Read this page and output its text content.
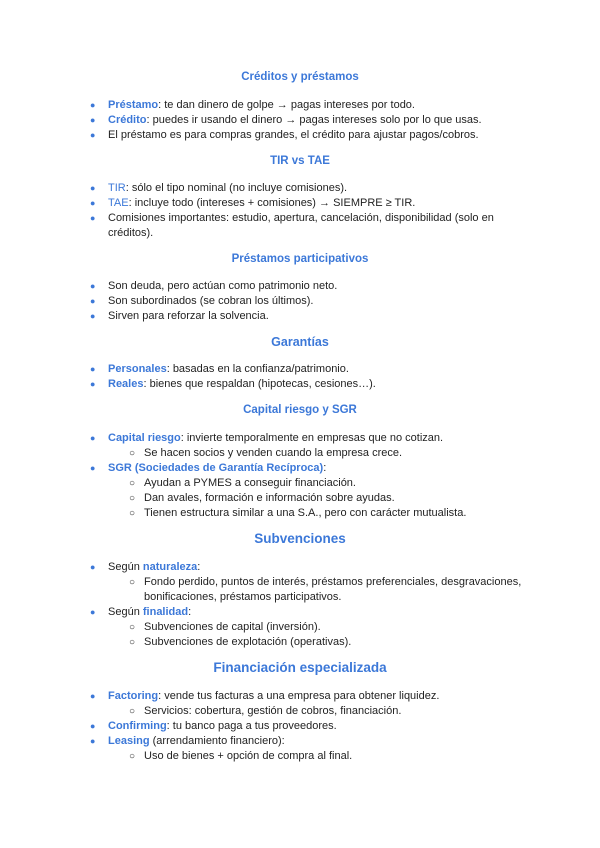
Créditos y préstamos
● Préstamo: te dan dinero de golpe → pagas intereses por todo.
● Crédito: puedes ir usando el dinero → pagas intereses solo por lo que usas.
● El préstamo es para compras grandes, el crédito para ajustar pagos/cobros.
TIR vs TAE
● TIR: sólo el tipo nominal (no incluye comisiones).
● TAE: incluye todo (intereses + comisiones) → SIEMPRE ≥ TIR.
● Comisiones importantes: estudio, apertura, cancelación, disponibilidad (solo en créditos).
Préstamos participativos
● Son deuda, pero actúan como patrimonio neto.
● Son subordinados (se cobran los últimos).
● Sirven para reforzar la solvencia.
Garantías
● Personales: basadas en la confianza/patrimonio.
● Reales: bienes que respaldan (hipotecas, cesiones…).
Capital riesgo y SGR
● Capital riesgo: invierte temporalmente en empresas que no cotizan.
○ Se hacen socios y venden cuando la empresa crece.
● SGR (Sociedades de Garantía Recíproca):
○ Ayudan a PYMES a conseguir financiación.
○ Dan avales, formación e información sobre ayudas.
○ Tienen estructura similar a una S.A., pero con carácter mutualista.
Subvenciones
● Según naturaleza:
○ Fondo perdido, puntos de interés, préstamos preferenciales, desgravaciones, bonificaciones, préstamos participativos.
● Según finalidad:
○ Subvenciones de capital (inversión).
○ Subvenciones de explotación (operativas).
Financiación especializada
● Factoring: vende tus facturas a una empresa para obtener liquidez.
○ Servicios: cobertura, gestión de cobros, financiación.
● Confirming: tu banco paga a tus proveedores.
● Leasing (arrendamiento financiero):
○ Uso de bienes + opción de compra al final.
